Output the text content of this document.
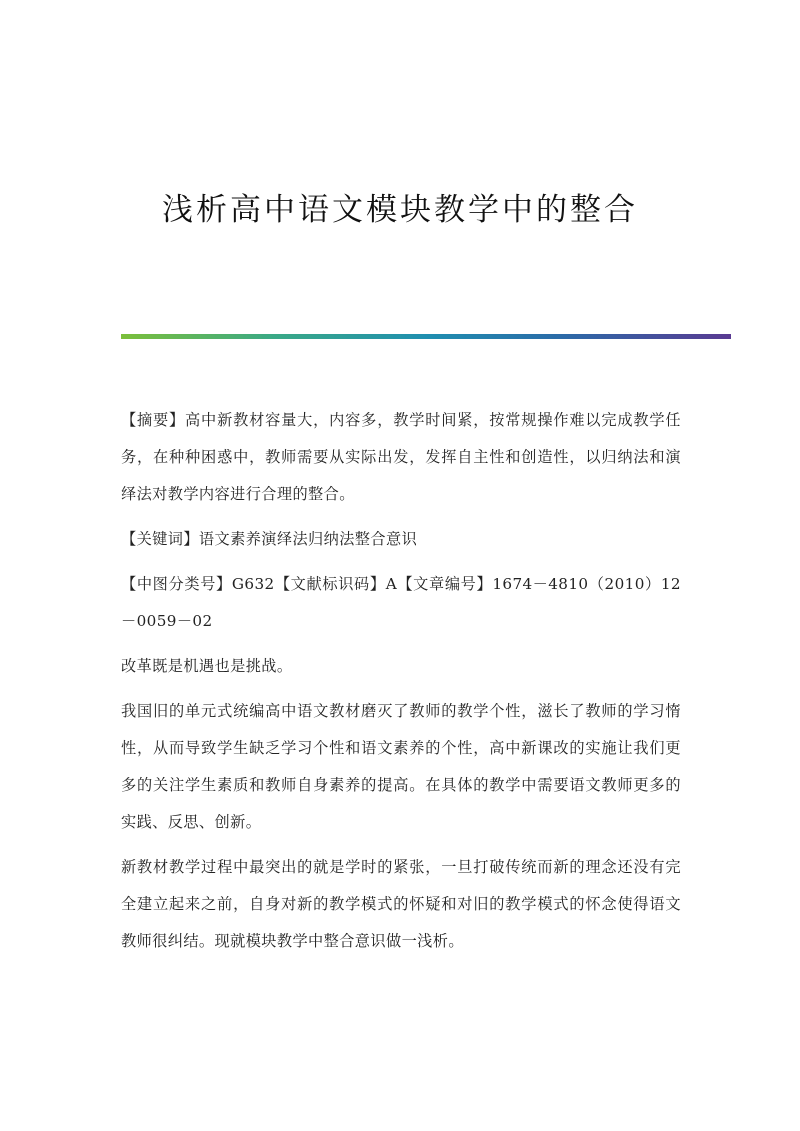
浅析高中语文模块教学中的整合

【摘要】高中新教材容量大，内容多，教学时间紧，按常规操作难以完成教学任务，在种种困惑中，教师需要从实际出发，发挥自主性和创造性，以归纳法和演绎法对教学内容进行合理的整合。

【关键词】语文素养演绎法归纳法整合意识

【中图分类号】G632【文献标识码】A【文章编号】1674－4810（2010）12－0059－02

改革既是机遇也是挑战。

我国旧的单元式统编高中语文教材磨灭了教师的教学个性，滋长了教师的学习惰性，从而导致学生缺乏学习个性和语文素养的个性，高中新课改的实施让我们更多的关注学生素质和教师自身素养的提高。在具体的教学中需要语文教师更多的实践、反思、创新。

新教材教学过程中最突出的就是学时的紧张，一旦打破传统而新的理念还没有完全建立起来之前，自身对新的教学模式的怀疑和对旧的教学模式的怀念使得语文教师很纠结。现就模块教学中整合意识做一浅析。
